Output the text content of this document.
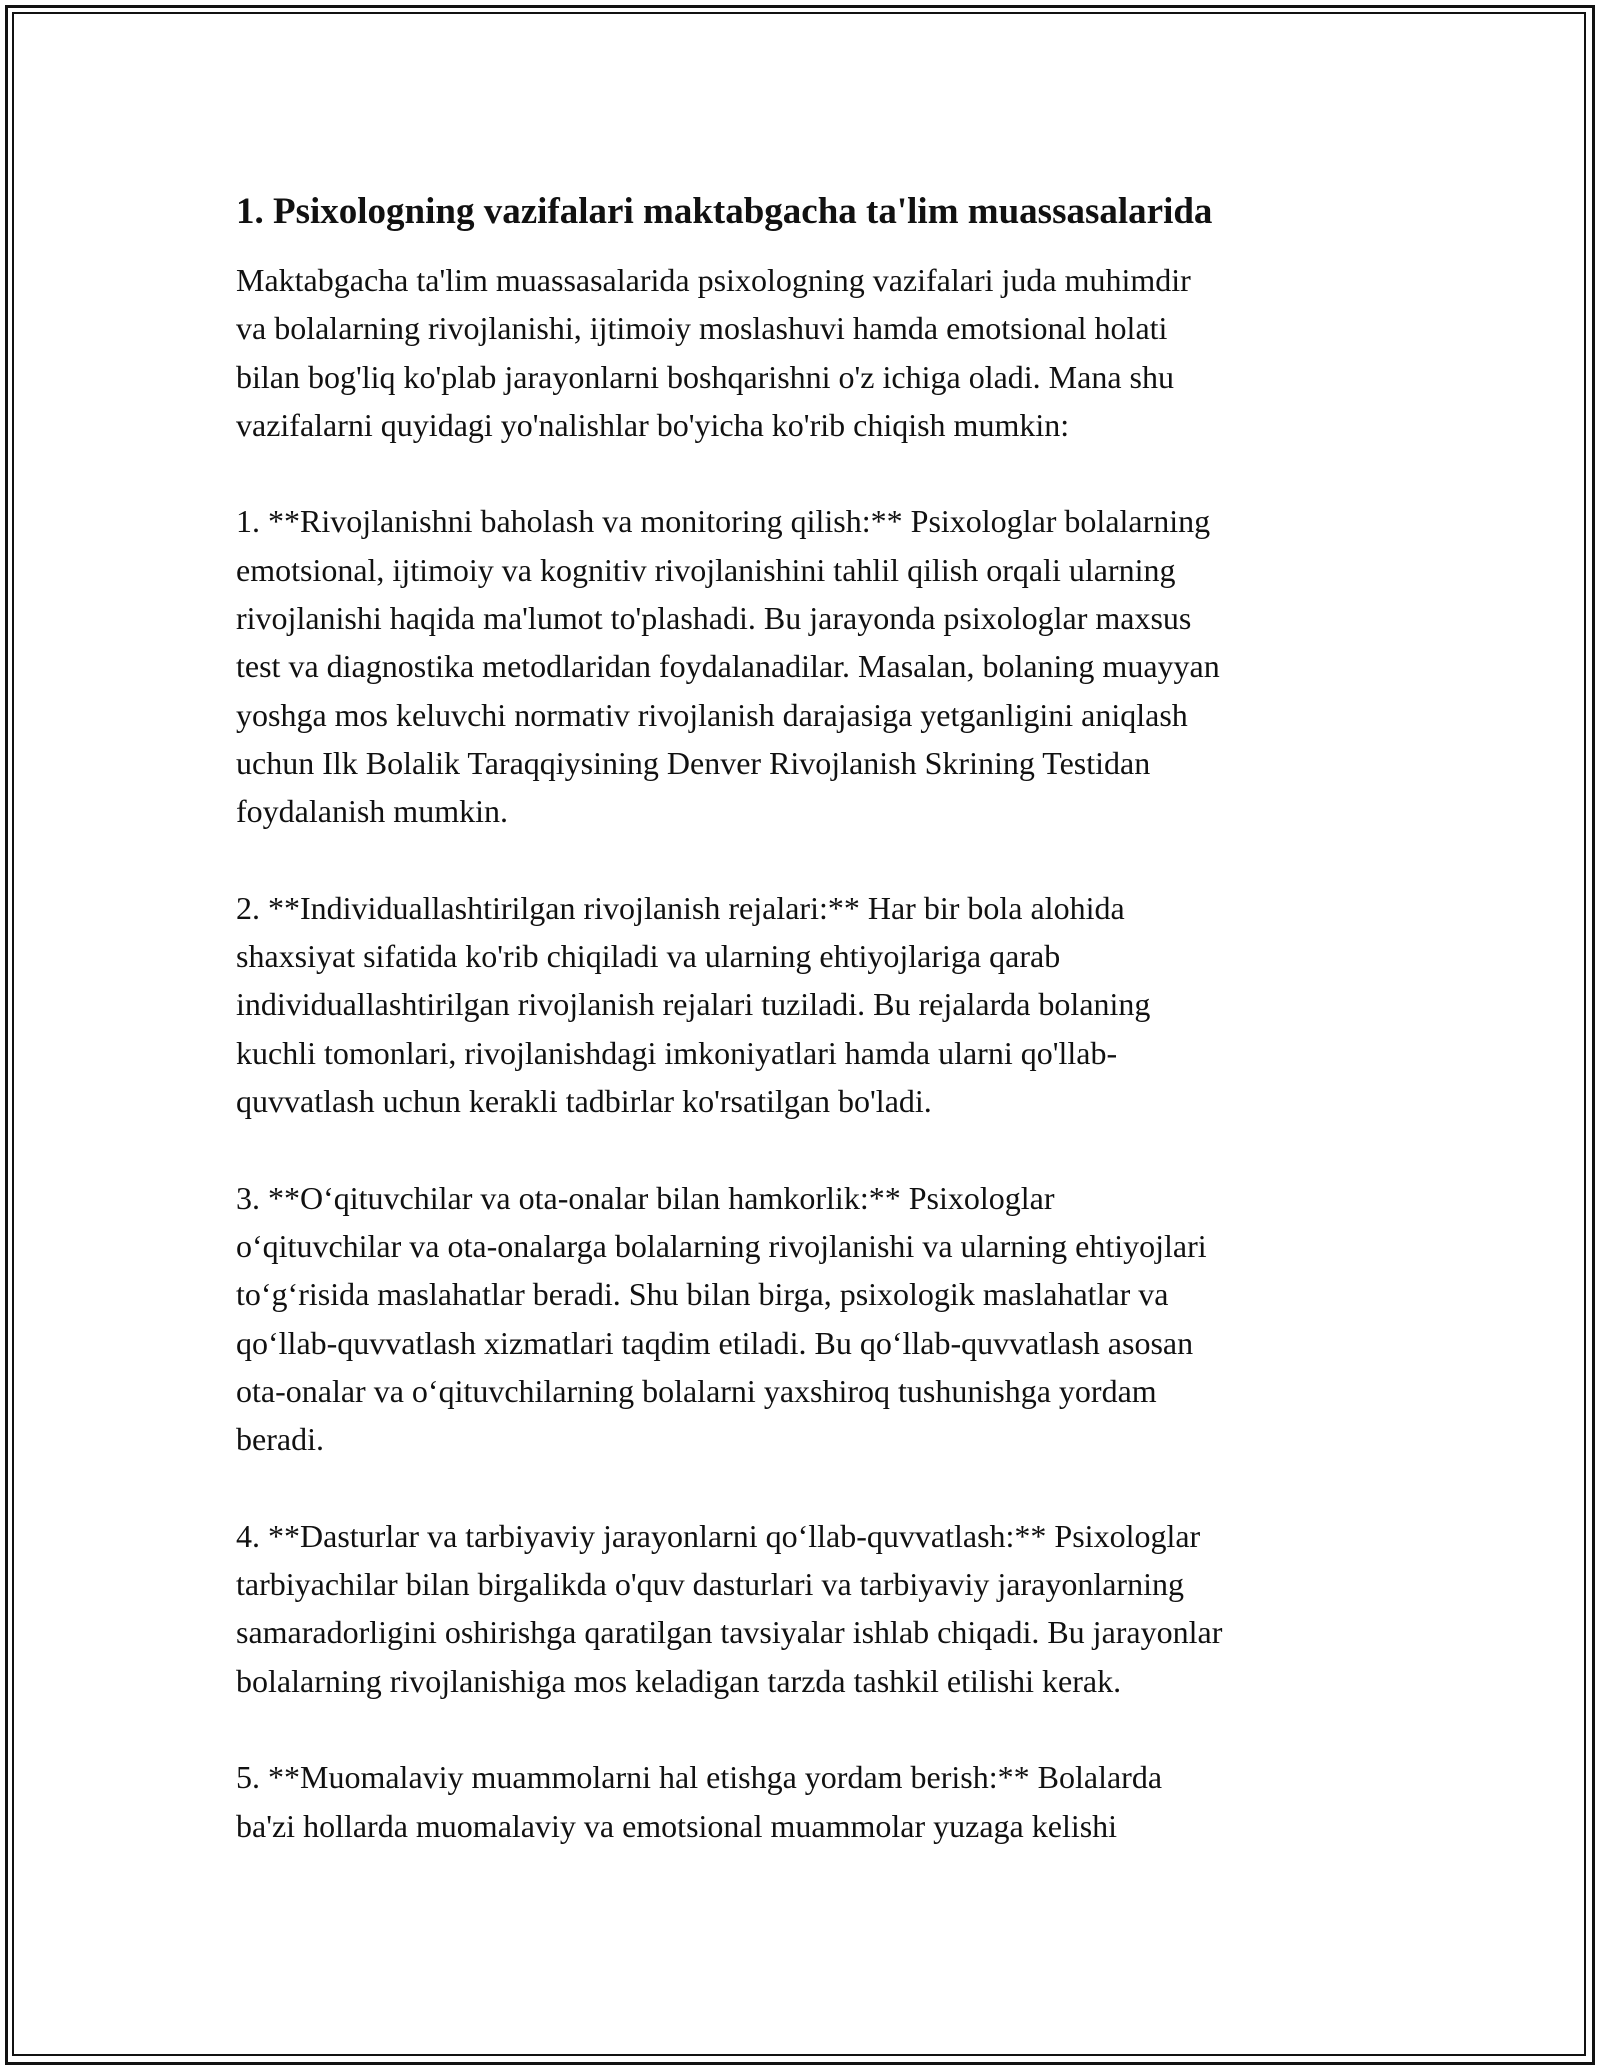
1. Psixologning vazifalari maktabgacha ta'lim muassasalarida

Maktabgacha ta'lim muassasalarida psixologning vazifalari juda muhimdir
va bolalarning rivojlanishi, ijtimoiy moslashuvi hamda emotsional holati
bilan bog'liq ko'plab jarayonlarni boshqarishni o'z ichiga oladi. Mana shu
vazifalarni quyidagi yo'nalishlar bo'yicha ko'rib chiqish mumkin:

1. **Rivojlanishni baholash va monitoring qilish:** Psixologlar bolalarning
emotsional, ijtimoiy va kognitiv rivojlanishini tahlil qilish orqali ularning
rivojlanishi haqida ma'lumot to'plashadi. Bu jarayonda psixologlar maxsus
test va diagnostika metodlaridan foydalanadilar. Masalan, bolaning muayyan
yoshga mos keluvchi normativ rivojlanish darajasiga yetganligini aniqlash
uchun Ilk Bolalik Taraqqiysining Denver Rivojlanish Skrining Testidan
foydalanish mumkin.

2. **Individuallashtirilgan rivojlanish rejalari:** Har bir bola alohida
shaxsiyat sifatida ko'rib chiqiladi va ularning ehtiyojlariga qarab
individuallashtirilgan rivojlanish rejalari tuziladi. Bu rejalarda bolaning
kuchli tomonlari, rivojlanishdagi imkoniyatlari hamda ularni qo'llab-
quvvatlash uchun kerakli tadbirlar ko'rsatilgan bo'ladi.

3. **O‘qituvchilar va ota-onalar bilan hamkorlik:** Psixologlar
o‘qituvchilar va ota-onalarga bolalarning rivojlanishi va ularning ehtiyojlari
to‘g‘risida maslahatlar beradi. Shu bilan birga, psixologik maslahatlar va
qo‘llab-quvvatlash xizmatlari taqdim etiladi. Bu qo‘llab-quvvatlash asosan
ota-onalar va o‘qituvchilarning bolalarni yaxshiroq tushunishga yordam
beradi.

4. **Dasturlar va tarbiyaviy jarayonlarni qo‘llab-quvvatlash:** Psixologlar
tarbiyachilar bilan birgalikda o'quv dasturlari va tarbiyaviy jarayonlarning
samaradorligini oshirishga qaratilgan tavsiyalar ishlab chiqadi. Bu jarayonlar
bolalarning rivojlanishiga mos keladigan tarzda tashkil etilishi kerak.

5. **Muomalaviy muammolarni hal etishga yordam berish:** Bolalarda
ba'zi hollarda muomalaviy va emotsional muammolar yuzaga kelishi
